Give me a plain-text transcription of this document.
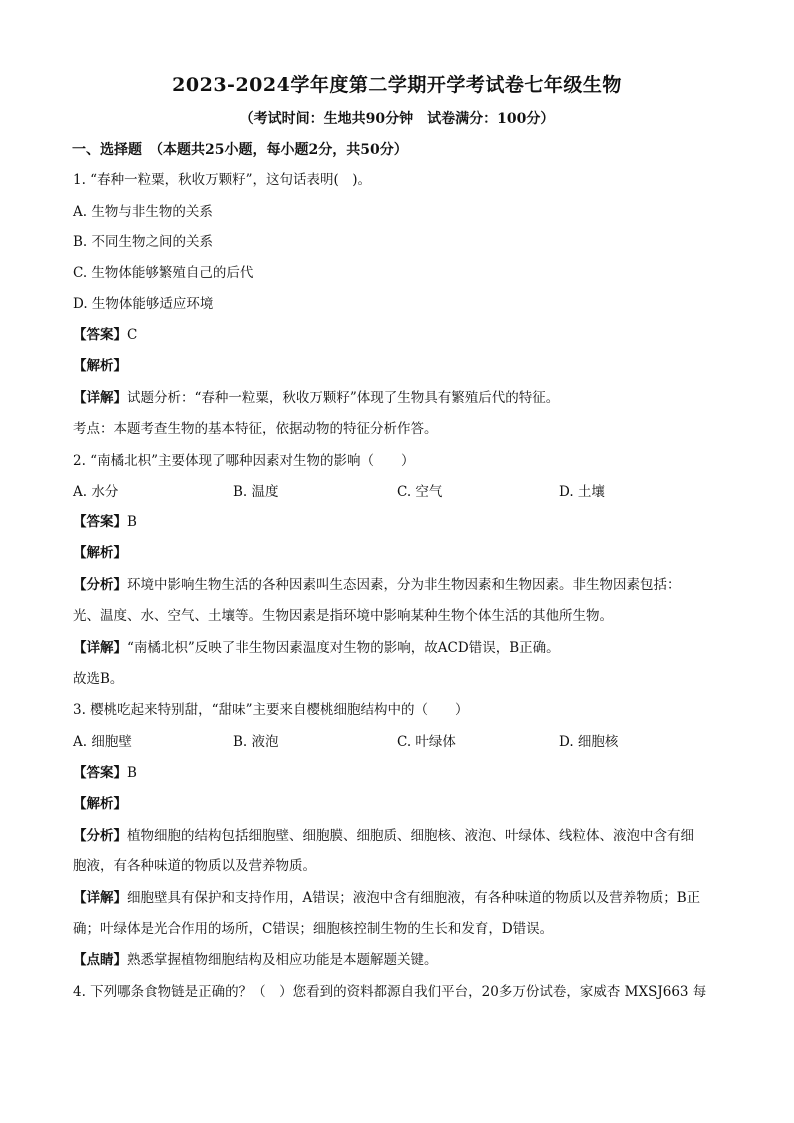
2023-2024学年度第二学期开学考试卷七年级生物
（考试时间：生地共90分钟　试卷满分：100分）
一、选择题　（本题共25小题，每小题2分，共50分）
1. “春种一粒粟，秋收万颗籽”，这句话表明(　)。
A. 生物与非生物的关系
B. 不同生物之间的关系
C. 生物体能够繁殖自己的后代
D. 生物体能够适应环境
【答案】C
【解析】
【详解】试题分析：“春种一粒粟，秋收万颗籽”体现了生物具有繁殖后代的特征。
考点：本题考查生物的基本特征，依据动物的特征分析作答。
2. “南橘北枳”主要体现了哪种因素对生物的影响（　　）
A. 水分	B. 温度	C. 空气	D. 土壤
【答案】B
【解析】
【分析】环境中影响生物生活的各种因素叫生态因素，分为非生物因素和生物因素。非生物因素包括：
光、温度、水、空气、土壤等。生物因素是指环境中影响某种生物个体生活的其他所生物。
【详解】“南橘北枳”反映了非生物因素温度对生物的影响，故ACD错误，B正确。
故选B。
3. 樱桃吃起来特别甜，“甜味”主要来自樱桃细胞结构中的（　　）
A. 细胞壁	B. 液泡	C. 叶绿体	D. 细胞核
【答案】B
【解析】
【分析】植物细胞的结构包括细胞壁、细胞膜、细胞质、细胞核、液泡、叶绿体、线粒体、液泡中含有细
胞液，有各种味道的物质以及营养物质。
【详解】细胞壁具有保护和支持作用，A错误；液泡中含有细胞液，有各种味道的物质以及营养物质；B正
确；叶绿体是光合作用的场所，C错误；细胞核控制生物的生长和发育，D错误。
【点睛】熟悉掌握植物细胞结构及相应功能是本题解题关键。
4. 下列哪条食物链是正确的？（　）您看到的资料都源自我们平台，20多万份试卷，家威杏 MXSJ663 每
